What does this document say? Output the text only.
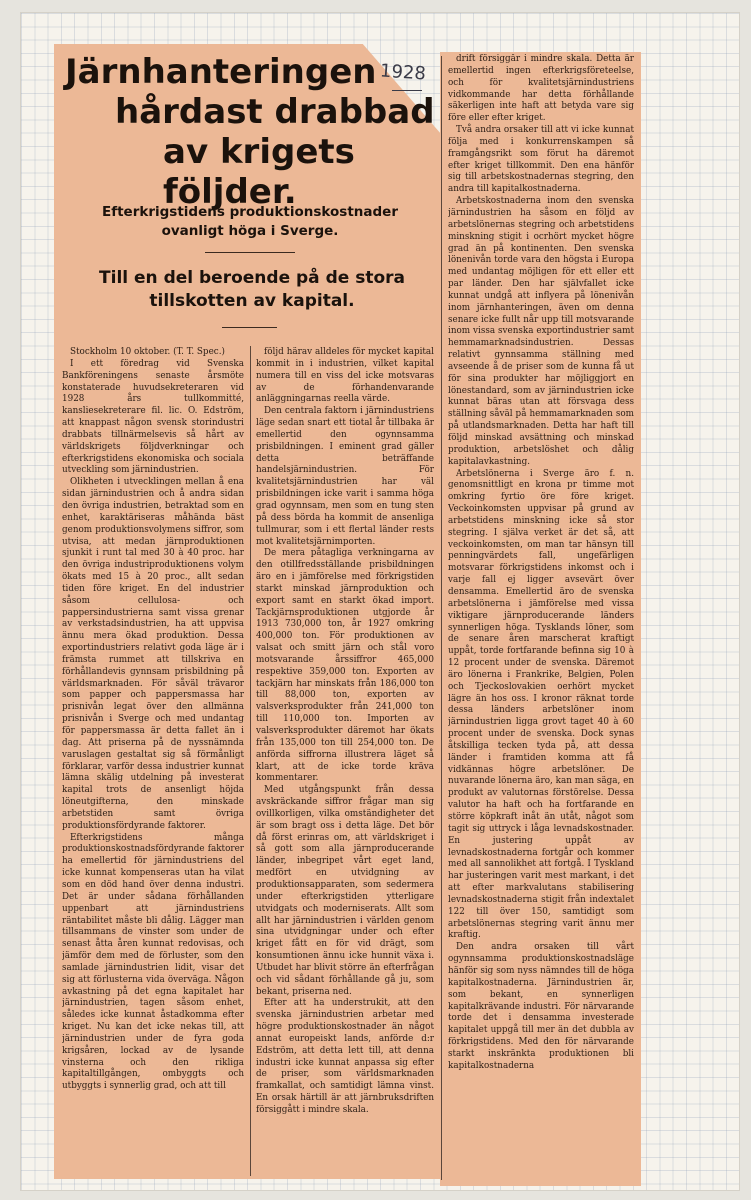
Järnhanteringen
hårdast drabbad
av krigets följder.
1928

Efterkrigstidens produktionskostnader ovanligt höga i Sverge.

Till en del beroende på de stora tillskotten av kapital.

Stockholm 10 oktober. (T. T. Spec.)

I ett föredrag vid Svenska Bankföreningens senaste årsmöte konstaterade huvudsekreteraren vid 1928 års tullkommitté, kansliesekreterare fil. lic. O. Edström, att knappast någon svensk storindustri drabbats tillnärmelsevis så hårt av världskrigets följdverkningar och efterkrigstidens ekonomiska och sociala utveckling som järnindustrien.

Olikheten i utvecklingen mellan å ena sidan järnindustrien och å andra sidan den övriga industrien, betraktad som en enhet, karaktäriseras måhända bäst genom produktionsvolymens siffror, som utvisa, att medan järnproduktionen sjunkit i runt tal med 30 à 40 proc. har den övriga industriproduktionens volym ökats med 15 à 20 proc., allt sedan tiden före kriget. En del industrier såsom cellulosa- och pappersindustrierna samt vissa grenar av verkstadsindustrien, ha att uppvisa ännu mera ökad produktion. Dessa exportindustriers relativt goda läge är i främsta rummet att tillskriva en förhållandevis gynnsam prisbildning på världsmarknaden. För såväl trävaror som papper och pappersmassa har prisnivån legat över den allmänna prisnivån i Sverge och med undantag för pappersmassa är detta fallet än i dag. Att priserna på de nyssnämnda varuslagen gestaltat sig så förmånligt förklarar, varför dessa industrier kunnat lämna skälig utdelning på investerat kapital trots de ansenligt höjda löneutgifterna, den minskade arbetstiden samt övriga produktionsfördyrande faktorer.

Efterkrigstidens många produktionskostnadsfördyrande faktorer ha emellertid för järnindustriens del icke kunnat kompenseras utan ha vilat som en död hand över denna industri. Det är under sådana förhållanden uppenbart att järnindustriens räntabilitet måste bli dålig. Lägger man tillsammans de vinster som under de senast åtta åren kunnat redovisas, och jämför dem med de förluster, som den samlade järnindustrien lidit, visar det sig att förlusterna vida överväga. Någon avkastning på det egna kapitalet har järnindustrien, tagen såsom enhet, således icke kunnat åstadkomma efter kriget. Nu kan det icke nekas till, att järnindustrien under de fyra goda krigsåren, lockad av de lysande vinsterna och den rikliga kapitaltillgången, ombyggts och utbyggts i synnerlig grad, och att till

följd härav alldeles för mycket kapital kommit in i industrien, vilket kapital numera till en viss del icke motsvaras av de förhandenvarande anläggningarnas reella värde.

Den centrala faktorn i järnindustriens läge sedan snart ett tiotal år tillbaka är emellertid den ogynnsamma prisbildningen. I eminent grad gäller detta beträffande handelsjärnindustrien. För kvalitetsjärnindustrien har väl prisbildningen icke varit i samma höga grad ogynnsam, men som en tung sten på dess börda ha kommit de ansenliga tullmurar, som i ett flertal länder rests mot kvalitetsjärnimporten.

De mera påtagliga verkningarna av den otillfredsställande prisbildningen äro en i jämförelse med förkrigstiden starkt minskad järnproduktion och export samt en starkt ökad import. Tackjärnsproduktionen utgjorde år 1913 730,000 ton, år 1927 omkring 400,000 ton. För produktionen av valsat och smitt järn och stål voro motsvarande årssiffror 465,000 respektive 359,000 ton. Exporten av tackjärn har minskats från 186,000 ton till 88,000 ton, exporten av valsverksprodukter från 241,000 ton till 110,000 ton. Importen av valsverksprodukter däremot har ökats från 135,000 ton till 254,000 ton. De anförda siffrorna illustrera läget så klart, att de icke torde kräva kommentarer.

Med utgångspunkt från dessa avskräckande siffror frågar man sig ovillkorligen, vilka omständigheter det är som bragt oss i detta läge. Det bör då först erinras om, att världskriget i så gott som alla järnproducerande länder, inbegripet vårt eget land, medfört en utvidgning av produktionsapparaten, som sedermera under efterkrigstiden ytterligare utvidgats och moderniserats. Allt som allt har järnindustrien i världen genom sina utvidgningar under och efter kriget fått en för vid drägt, som konsumtionen ännu icke hunnit växa i. Utbudet har blivit större än efterfrågan och vid sådant förhållande gå ju, som bekant, priserna ned.

Efter att ha understrukit, att den svenska järnindustrien arbetar med högre produktionskostnader än något annat europeiskt lands, anförde d:r Edström, att detta lett till, att denna industri icke kunnat anpassa sig efter de priser, som världsmarknaden framkallat, och samtidigt lämna vinst. En orsak härtill är att järnbruksdriften försiggått i mindre skala.

drift försiggår i mindre skala. Detta är emellertid ingen efterkrigsföreteelse, och för kvalitetsjärnindustriens vidkommande har detta förhållande säkerligen inte haft att betyda vare sig före eller efter kriget.

Två andra orsaker till att vi icke kunnat följa med i konkurrenskampen så framgångsrikt som förut ha däremot efter kriget tillkommit. Den ena hänför sig till arbetskostnadernas stegring, den andra till kapitalkostnaderna.

Arbetskostnaderna inom den svenska järnindustrien ha såsom en följd av arbetslönernas stegring och arbetstidens minskning stigit i ocrhört mycket högre grad än på kontinenten. Den svenska lönenivån torde vara den högsta i Europa med undantag möjligen för ett eller ett par länder. Den har självfallet icke kunnat undgå att inflyera på lönenivån inom järnhanteringen, även om denna senare icke fullt når upp till motsvarande inom vissa svenska exportindustrier samt hemmamarknadsindustrien. Dessas relativt gynnsamma ställning med avseende å de priser som de kunna få ut för sina produkter har möjliggjort en lönestandard, som av järnindustrien icke kunnat bäras utan att försvaga dess ställning såväl på hemmamarknaden som på utlandsmarknaden. Detta har haft till följd minskad avsättning och minskad produktion, arbetslöshet och dålig kapitalavkastning.

Arbetslönerna i Sverge äro f. n. genomsnittligt en krona pr timme mot omkring fyrtio öre före kriget. Veckoinkomsten uppvisar på grund av arbetstidens minskning icke så stor stegring. I själva verket är det så, att veckoinkomsten, om man tar hänsyn till penningvärdets fall, ungefärligen motsvarar förkrigstidens inkomst och i varje fall ej ligger avsevärt över densamma. Emellertid äro de svenska arbetslönerna i jämförelse med vissa viktigare järnproducerande länders synnerligen höga. Tysklands löner, som de senare åren marscherat kraftigt uppåt, torde fortfarande befinna sig 10 à 12 procent under de svenska. Däremot äro lönerna i Frankrike, Belgien, Polen och Tjeckoslovakien oerhört mycket lägre än hos oss. I kronor räknat torde dessa länders arbetslöner inom järnindustrien ligga grovt taget 40 à 60 procent under de svenska. Dock synas åtskilliga tecken tyda på, att dessa länder i framtiden komma att få vidkännas högre arbetslöner. De nuvarande lönerna äro, kan man säga, en produkt av valutornas förstörelse. Dessa valutor ha haft och ha fortfarande en större köpkraft inåt än utåt, något som tagit sig uttryck i låga levnadskostnader. En justering uppåt av levnadskostnaderna fortgår och kommer med all sannolikhet att fortgå. I Tyskland har justeringen varit mest markant, i det att efter markvalutans stabilisering levnadskostnaderna stigit från indextalet 122 till över 150, samtidigt som arbetslönernas stegring varit ännu mer kraftig.

Den andra orsaken till vårt ogynnsamma produktionskostnadsläge hänför sig som nyss nämndes till de höga kapitalkostnaderna. Järnindustrien är, som bekant, en synnerligen kapitalkrävande industri. För närvarande torde det i densamma investerade kapitalet uppgå till mer än det dubbla av förkrigstidens. Med den för närvarande starkt inskränkta produktionen bli kapitalkostnaderna
